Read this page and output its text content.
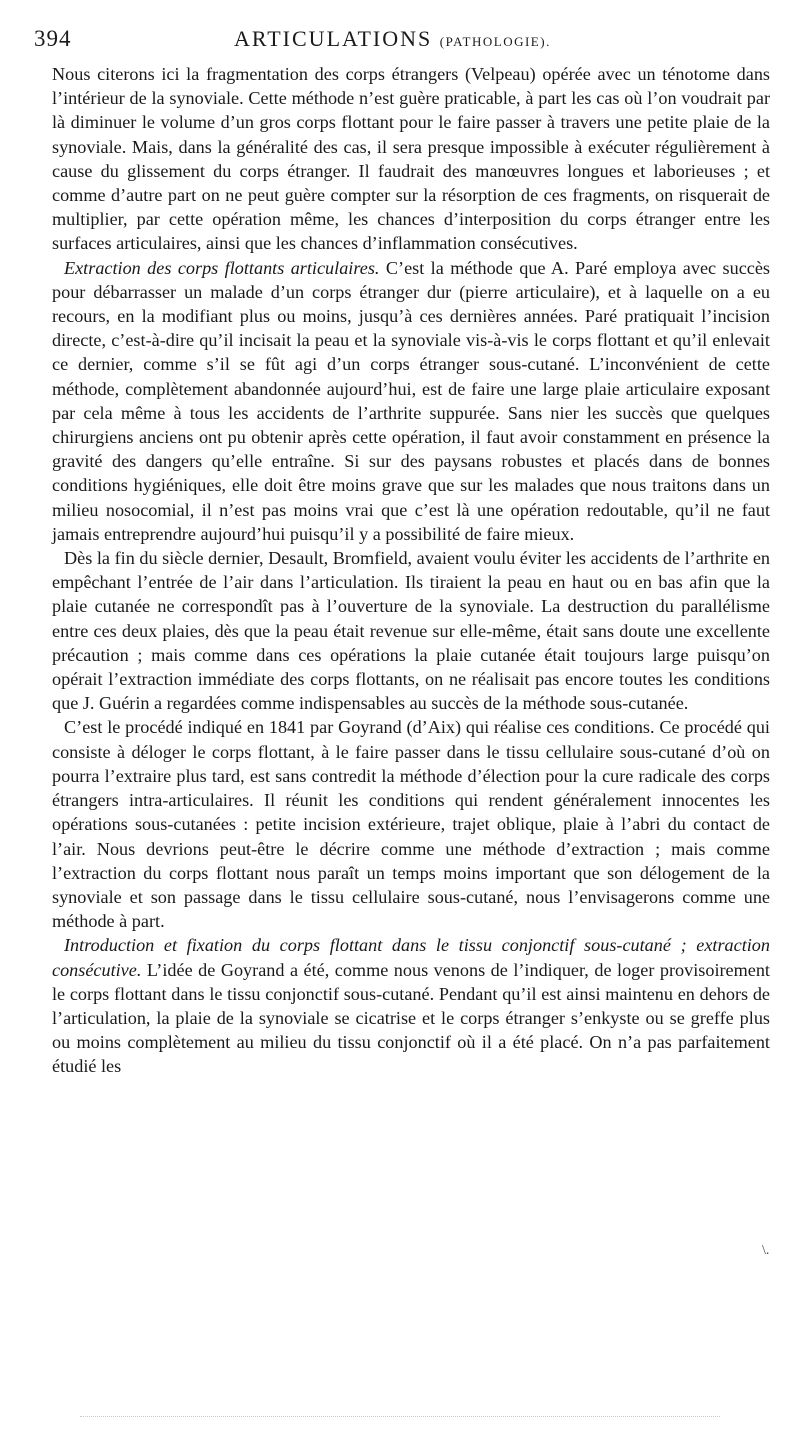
394	ARTICULATIONS (PATHOLOGIE).

Nous citerons ici la fragmentation des corps étrangers (Velpeau) opérée avec un ténotome dans l’intérieur de la synoviale. Cette méthode n’est guère praticable, à part les cas où l’on voudrait par là diminuer le volume d’un gros corps flottant pour le faire passer à travers une petite plaie de la synoviale. Mais, dans la généralité des cas, il sera presque impossible à exécuter régulièrement à cause du glissement du corps étranger. Il faudrait des manœuvres longues et laborieuses ; et comme d’autre part on ne peut guère compter sur la résorption de ces fragments, on risquerait de multiplier, par cette opération même, les chances d’interposition du corps étranger entre les surfaces articulaires, ainsi que les chances d’inflammation consécutives.

Extraction des corps flottants articulaires. C’est la méthode que A. Paré employa avec succès pour débarrasser un malade d’un corps étranger dur (pierre articulaire), et à laquelle on a eu recours, en la modifiant plus ou moins, jusqu’à ces dernières années. Paré pratiquait l’incision directe, c’est-à-dire qu’il incisait la peau et la synoviale vis-à-vis le corps flottant et qu’il enlevait ce dernier, comme s’il se fût agi d’un corps étranger sous-cutané. L’inconvénient de cette méthode, complètement abandonnée aujourd’hui, est de faire une large plaie articulaire exposant par cela même à tous les accidents de l’arthrite suppurée. Sans nier les succès que quelques chirurgiens anciens ont pu obtenir après cette opération, il faut avoir constamment en présence la gravité des dangers qu’elle entraîne. Si sur des paysans robustes et placés dans de bonnes conditions hygiéniques, elle doit être moins grave que sur les malades que nous traitons dans un milieu nosocomial, il n’est pas moins vrai que c’est là une opération redoutable, qu’il ne faut jamais entreprendre aujourd’hui puisqu’il y a possibilité de faire mieux.

Dès la fin du siècle dernier, Desault, Bromfield, avaient voulu éviter les accidents de l’arthrite en empêchant l’entrée de l’air dans l’articulation. Ils tiraient la peau en haut ou en bas afin que la plaie cutanée ne correspondît pas à l’ouverture de la synoviale. La destruction du parallélisme entre ces deux plaies, dès que la peau était revenue sur elle-même, était sans doute une excellente précaution ; mais comme dans ces opérations la plaie cutanée était toujours large puisqu’on opérait l’extraction immédiate des corps flottants, on ne réalisait pas encore toutes les conditions que J. Guérin a regardées comme indispensables au succès de la méthode sous-cutanée.

C’est le procédé indiqué en 1841 par Goyrand (d’Aix) qui réalise ces conditions. Ce procédé qui consiste à déloger le corps flottant, à le faire passer dans le tissu cellulaire sous-cutané d’où on pourra l’extraire plus tard, est sans contredit la méthode d’élection pour la cure radicale des corps étrangers intra-articulaires. Il réunit les conditions qui rendent généralement innocentes les opérations sous-cutanées : petite incision extérieure, trajet oblique, plaie à l’abri du contact de l’air. Nous devrions peut-être le décrire comme une méthode d’extraction ; mais comme l’extraction du corps flottant nous paraît un temps moins important que son délogement de la synoviale et son passage dans le tissu cellulaire sous-cutané, nous l’envisagerons comme une méthode à part.

Introduction et fixation du corps flottant dans le tissu conjonctif sous-cutané ; extraction consécutive. L’idée de Goyrand a été, comme nous venons de l’indiquer, de loger provisoirement le corps flottant dans le tissu conjonctif sous-cutané. Pendant qu’il est ainsi maintenu en dehors de l’articulation, la plaie de la synoviale se cicatrise et le corps étranger s’enkyste ou se greffe plus ou moins complètement au milieu du tissu conjonctif où il a été placé. On n’a pas parfaitement étudié les

\.
